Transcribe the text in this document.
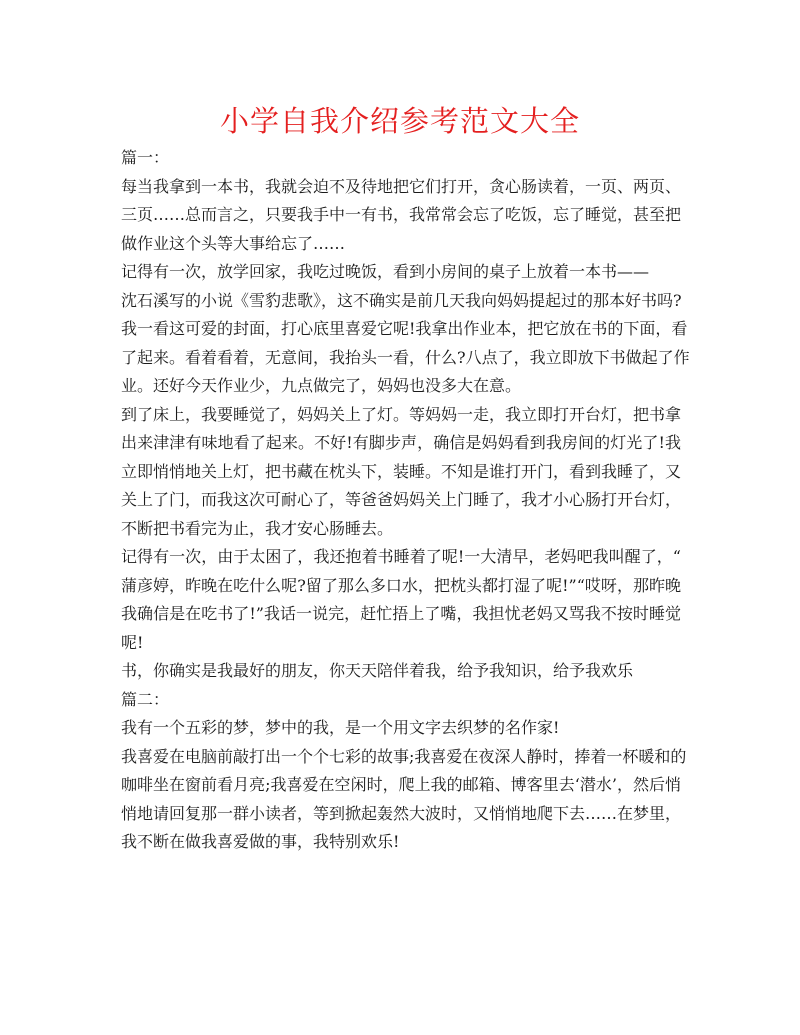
小学自我介绍参考范文大全
篇一：
每当我拿到一本书，我就会迫不及待地把它们打开，贪心肠读着，一页、两页、
三页……总而言之，只要我手中一有书，我常常会忘了吃饭，忘了睡觉，甚至把
做作业这个头等大事给忘了……
记得有一次，放学回家，我吃过晚饭，看到小房间的桌子上放着一本书——
沈石溪写的小说《雪豹悲歌》，这不确实是前几天我向妈妈提起过的那本好书吗?
我一看这可爱的封面，打心底里喜爱它呢!我拿出作业本，把它放在书的下面，看
了起来。看着看着，无意间，我抬头一看，什么?八点了，我立即放下书做起了作
业。还好今天作业少，九点做完了，妈妈也没多大在意。
到了床上，我要睡觉了，妈妈关上了灯。等妈妈一走，我立即打开台灯，把书拿
出来津津有味地看了起来。不好!有脚步声，确信是妈妈看到我房间的灯光了!我
立即悄悄地关上灯，把书藏在枕头下，装睡。不知是谁打开门，看到我睡了，又
关上了门，而我这次可耐心了，等爸爸妈妈关上门睡了，我才小心肠打开台灯，
不断把书看完为止，我才安心肠睡去。
记得有一次，由于太困了，我还抱着书睡着了呢!一大清早，老妈吧我叫醒了，“
蒲彦婷，昨晚在吃什么呢?留了那么多口水，把枕头都打湿了呢!”“哎呀，那昨晚
我确信是在吃书了!”我话一说完，赶忙捂上了嘴，我担忧老妈又骂我不按时睡觉
呢!
书，你确实是我最好的朋友，你天天陪伴着我，给予我知识，给予我欢乐
篇二：
我有一个五彩的梦，梦中的我，是一个用文字去织梦的名作家!
我喜爱在电脑前敲打出一个个七彩的故事;我喜爱在夜深人静时，捧着一杯暖和的
咖啡坐在窗前看月亮;我喜爱在空闲时，爬上我的邮箱、博客里去‘潜水’，然后悄
悄地请回复那一群小读者，等到掀起轰然大波时，又悄悄地爬下去……在梦里，
我不断在做我喜爱做的事，我特别欢乐!
